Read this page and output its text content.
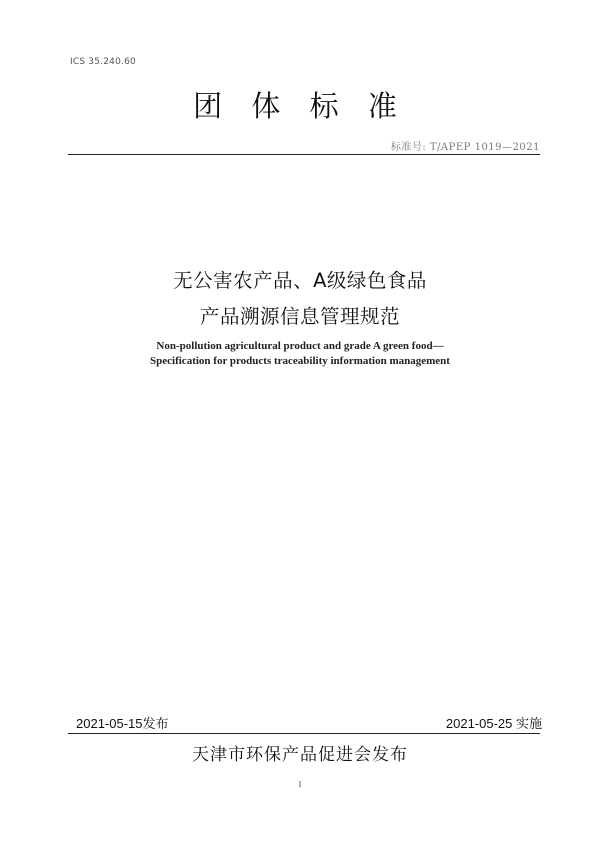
ICS 35.240.60
团 体 标 准
标准号: T/APEP 1019—2021
无公害农产品、A级绿色食品
产品溯源信息管理规范
Non-pollution agricultural product and grade A green food—
Specification for products traceability information management
2021-05-15发布	2021-05-25 实施
天津市环保产品促进会发布
I
